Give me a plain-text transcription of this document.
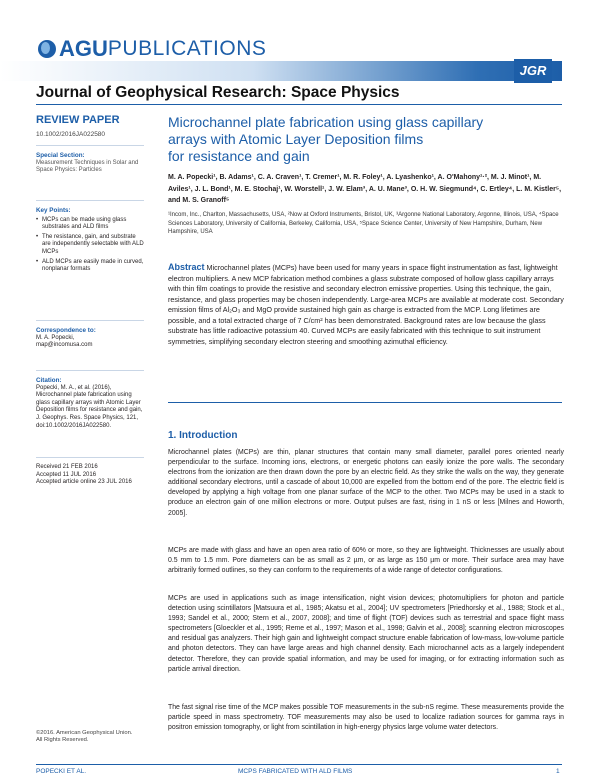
AGU PUBLICATIONS
JGR
Journal of Geophysical Research: Space Physics
REVIEW PAPER
10.1002/2016JA022580
Special Section:
Measurement Techniques in Solar and Space Physics: Particles
Key Points:
• MCPs can be made using glass substrates and ALD films
• The resistance, gain, and substrate are independently selectable with ALD MCPs
• ALD MCPs are easily made in curved, nonplanar formats
Correspondence to:
M. A. Popecki,
map@incomusa.com
Citation:
Popecki, M. A., et al. (2016), Microchannel plate fabrication using glass capillary arrays with Atomic Layer Deposition films for resistance and gain, J. Geophys. Res. Space Physics, 121, doi:10.1002/2016JA022580.
Received 21 FEB 2016
Accepted 11 JUL 2016
Accepted article online 23 JUL 2016
©2016. American Geophysical Union.
All Rights Reserved.
Microchannel plate fabrication using glass capillary
arrays with Atomic Layer Deposition films
for resistance and gain
M. A. Popecki¹, B. Adams¹, C. A. Craven¹, T. Cremer¹, M. R. Foley¹, A. Lyashenko¹, A. O'Mahony¹·², M. J. Minot¹, M. Aviles¹, J. L. Bond¹, M. E. Stochaj¹, W. Worstell¹, J. W. Elam³, A. U. Mane³, O. H. W. Siegmund⁴, C. Ertley⁴, L. M. Kistler⁵, and M. S. Granoff⁵
¹Incom, Inc., Charlton, Massachusetts, USA, ²Now at Oxford Instruments, Bristol, UK, ³Argonne National Laboratory, Argonne, Illinois, USA, ⁴Space Sciences Laboratory, University of California, Berkeley, California, USA, ⁵Space Science Center, University of New Hampshire, Durham, New Hampshire, USA
Abstract Microchannel plates (MCPs) have been used for many years in space flight instrumentation as fast, lightweight electron multipliers. A new MCP fabrication method combines a glass substrate composed of hollow glass capillary arrays with thin film coatings to provide the resistive and secondary electron emissive properties. Using this technique, the gain, resistance, and glass properties may be chosen independently. Large-area MCPs are available at moderate cost. Secondary emission films of Al₂O₃ and MgO provide sustained high gain as charge is extracted from the MCP. Long lifetimes are possible, and a total extracted charge of 7 C/cm² has been demonstrated. Background rates are low because the glass substrate has little radioactive potassium 40. Curved MCPs are easily fabricated with this technique to suit instrument symmetries, simplifying secondary electron steering and smoothing azimuthal efficiency.
1. Introduction
Microchannel plates (MCPs) are thin, planar structures that contain many small diameter, parallel pores oriented nearly perpendicular to the surface. Incoming ions, electrons, or energetic photons can easily ionize the pore walls. The secondary electrons from the ionization are then drawn down the pore by an electric field. As they strike the walls on the way, they generate additional secondary electrons, until a cascade of about 10,000 are expelled from the bottom end of the pore. The electric field is developed by applying a high voltage from one planar surface of the MCP to the other. Two MCPs may be used in a stack to produce an electron gain of one million electrons or more. Output pulses are fast, rising in 1 nS or less [Milnes and Howorth, 2005].
MCPs are made with glass and have an open area ratio of 60% or more, so they are lightweight. Thicknesses are usually about 0.5 mm to 1.5 mm. Pore diameters can be as small as 2 µm, or as large as 150 µm or more. Their surface area may have arbitrarily formed outlines, so they can conform to the requirements of a wide range of detector configurations.
MCPs are used in applications such as image intensification, night vision devices; photomultipliers for photon and particle detection using scintillators [Matsuura et al., 1985; Akatsu et al., 2004]; UV spectrometers [Priedhorsky et al., 1988; Stock et al., 1993; Sandel et al., 2000; Stern et al., 2007, 2008]; and time of flight (TOF) devices such as terrestrial and space flight mass spectrometers [Gloeckler et al., 1995; Reme et al., 1997; Mason et al., 1998; Galvin et al., 2008]; scanning electron microscopes and residual gas analyzers. Their high gain and lightweight compact structure enable fabrication of low-mass, low-volume particle and photon detectors. They can have large areas and high channel density. Each microchannel acts as a largely independent detector. Therefore, they can provide spatial information, and may be used for imaging, or for extracting information such as particle arrival direction.
The fast signal rise time of the MCP makes possible TOF measurements in the sub-nS regime. These measurements provide the particle speed in mass spectrometry. TOF measurements may also be used to localize radiation sources for gamma rays in positron emission tomography, or light from scintillation in high-energy physics large volume water detectors.
POPECKI ET AL.	MCPS FABRICATED WITH ALD FILMS	1
